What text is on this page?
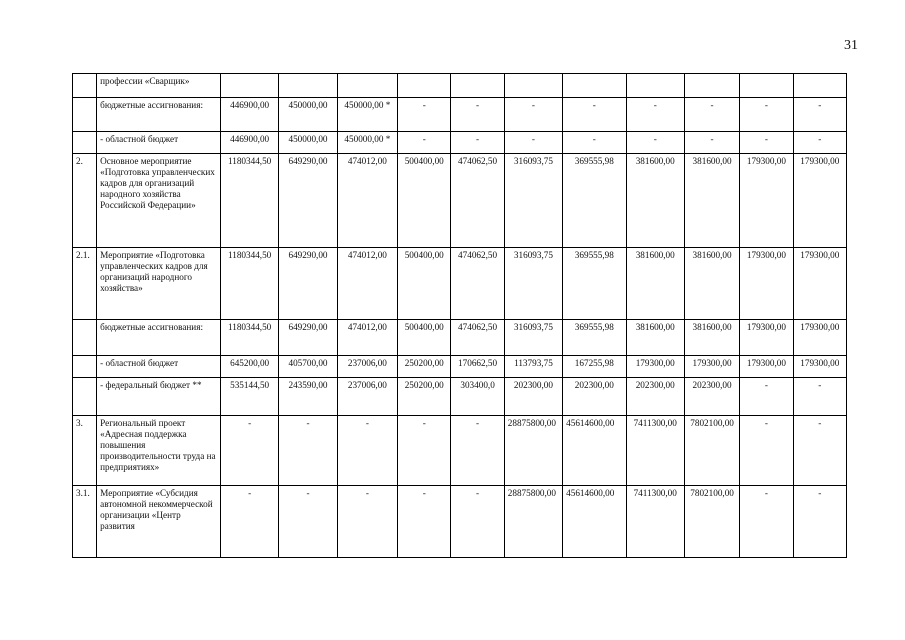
31
	профессии «Сварщик»											
	бюджетные ассигнования:	446900,00	450000,00	450000,00 *	-	-	-	-	-	-	-	-
	- областной бюджет	446900,00	450000,00	450000,00 *	-	-	-	-	-	-	-	-
2.	Основное мероприятие «Подготовка управленческих кадров для организаций народного хозяйства Российской Федерации»	1180344,50	649290,00	474012,00	500400,00	474062,50	316093,75	369555,98	381600,00	381600,00	179300,00	179300,00
2.1.	Мероприятие «Подготовка управленческих кадров для организаций народного хозяйства»	1180344,50	649290,00	474012,00	500400,00	474062,50	316093,75	369555,98	381600,00	381600,00	179300,00	179300,00
	бюджетные ассигнования:	1180344,50	649290,00	474012,00	500400,00	474062,50	316093,75	369555,98	381600,00	381600,00	179300,00	179300,00
	- областной бюджет	645200,00	405700,00	237006,00	250200,00	170662,50	113793,75	167255,98	179300,00	179300,00	179300,00	179300,00
	- федеральный бюджет **	535144,50	243590,00	237006,00	250200,00	303400,0	202300,00	202300,00	202300,00	202300,00	-	-
3.	Региональный проект «Адресная поддержка повышения производительности труда на предприятиях»	-	-	-	-	-	28875800,00	45614600,00	7411300,00	7802100,00	-	-
3.1.	Мероприятие «Субсидия автономной некоммерческой организации «Центр развития	-	-	-	-	-	28875800,00	45614600,00	7411300,00	7802100,00	-	-
